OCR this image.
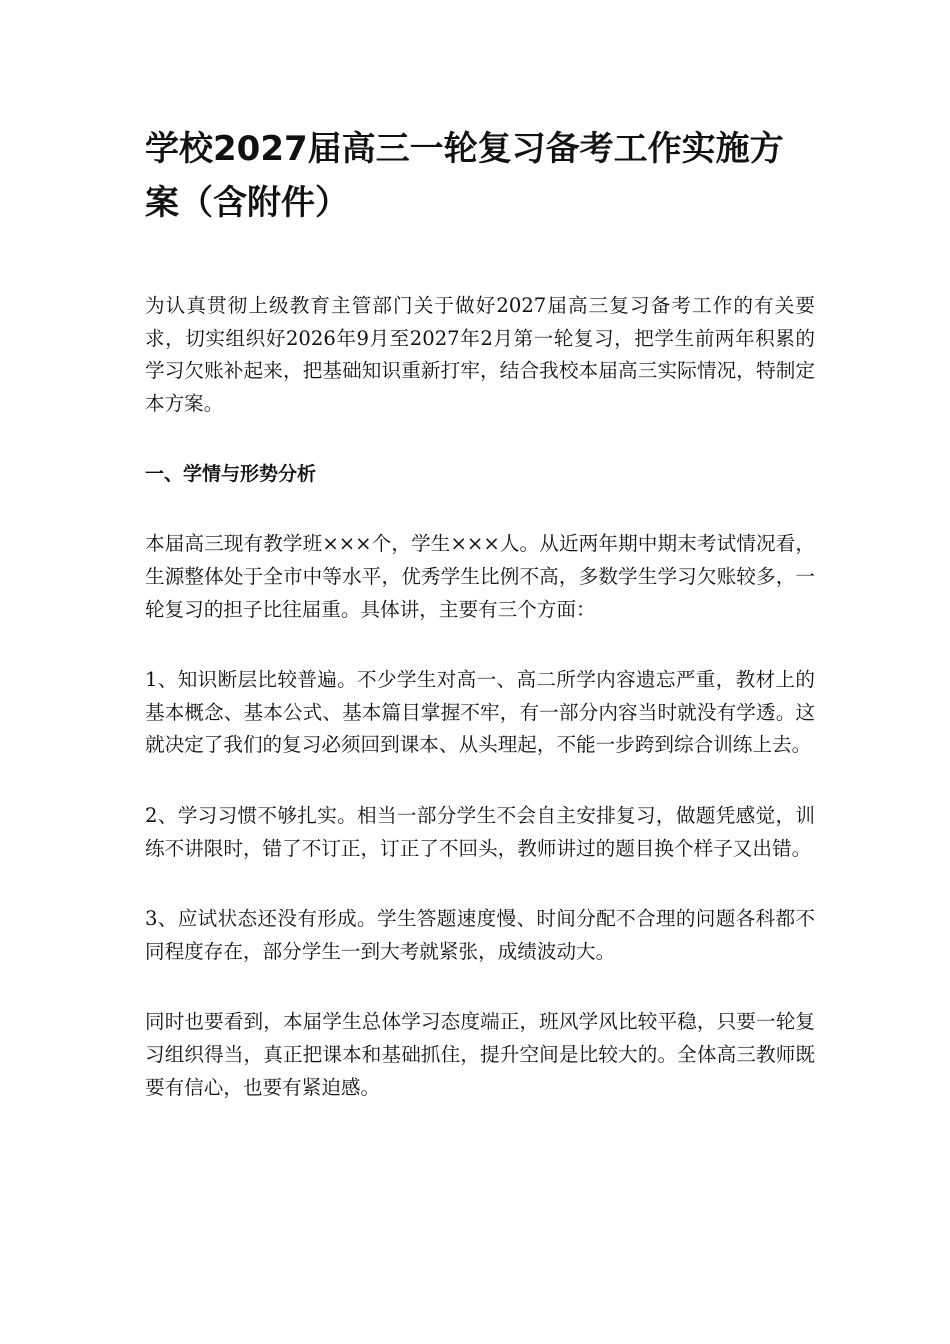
学校2027届高三一轮复习备考工作实施方案（含附件）

为认真贯彻上级教育主管部门关于做好2027届高三复习备考工作的有关要求，切实组织好2026年9月至2027年2月第一轮复习，把学生前两年积累的学习欠账补起来，把基础知识重新打牢，结合我校本届高三实际情况，特制定本方案。

一、学情与形势分析

本届高三现有教学班×××个，学生×××人。从近两年期中期末考试情况看，生源整体处于全市中等水平，优秀学生比例不高，多数学生学习欠账较多，一轮复习的担子比往届重。具体讲，主要有三个方面：

1、知识断层比较普遍。不少学生对高一、高二所学内容遗忘严重，教材上的基本概念、基本公式、基本篇目掌握不牢，有一部分内容当时就没有学透。这就决定了我们的复习必须回到课本、从头理起，不能一步跨到综合训练上去。

2、学习习惯不够扎实。相当一部分学生不会自主安排复习，做题凭感觉，训练不讲限时，错了不订正，订正了不回头，教师讲过的题目换个样子又出错。

3、应试状态还没有形成。学生答题速度慢、时间分配不合理的问题各科都不同程度存在，部分学生一到大考就紧张，成绩波动大。

同时也要看到，本届学生总体学习态度端正，班风学风比较平稳，只要一轮复习组织得当，真正把课本和基础抓住，提升空间是比较大的。全体高三教师既要有信心，也要有紧迫感。
